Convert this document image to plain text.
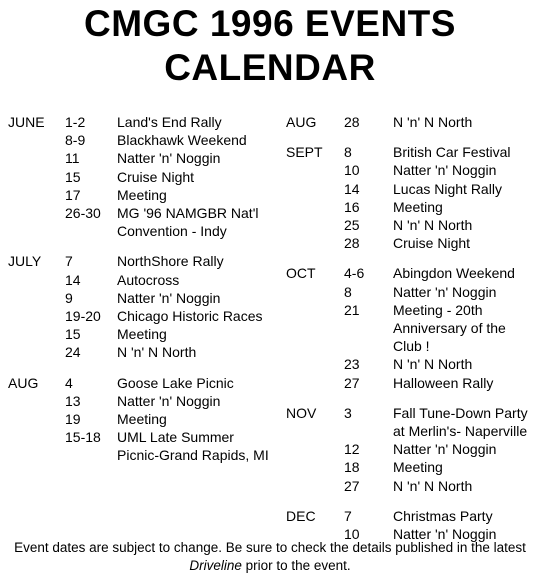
CMGC 1996 EVENTS
CALENDAR
JUNE	1-2	Land's End Rally
8-9	Blackhawk Weekend
11	Natter 'n' Noggin
15	Cruise Night
17	Meeting
26-30	MG '96 NAMGBR Nat'l Convention - Indy
JULY	7	NorthShore Rally
14	Autocross
9	Natter 'n' Noggin
19-20	Chicago Historic Races
15	Meeting
24	N 'n' N North
AUG	4	Goose Lake Picnic
13	Natter 'n' Noggin
19	Meeting
15-18	UML Late Summer Picnic-Grand Rapids, MI
AUG	28	N 'n' N North
SEPT	8	British Car Festival
10	Natter 'n' Noggin
14	Lucas Night Rally
16	Meeting
25	N 'n' N North
28	Cruise Night
OCT	4-6	Abingdon Weekend
8	Natter 'n' Noggin
21	Meeting - 20th Anniversary of the Club !
23	N 'n' N North
27	Halloween Rally
NOV	3	Fall Tune-Down Party at Merlin's- Naperville
12	Natter 'n' Noggin
18	Meeting
27	N 'n' N North
DEC	7	Christmas Party
10	Natter 'n' Noggin
Event dates are subject to change. Be sure to check the details published in the latest Driveline prior to the event.
